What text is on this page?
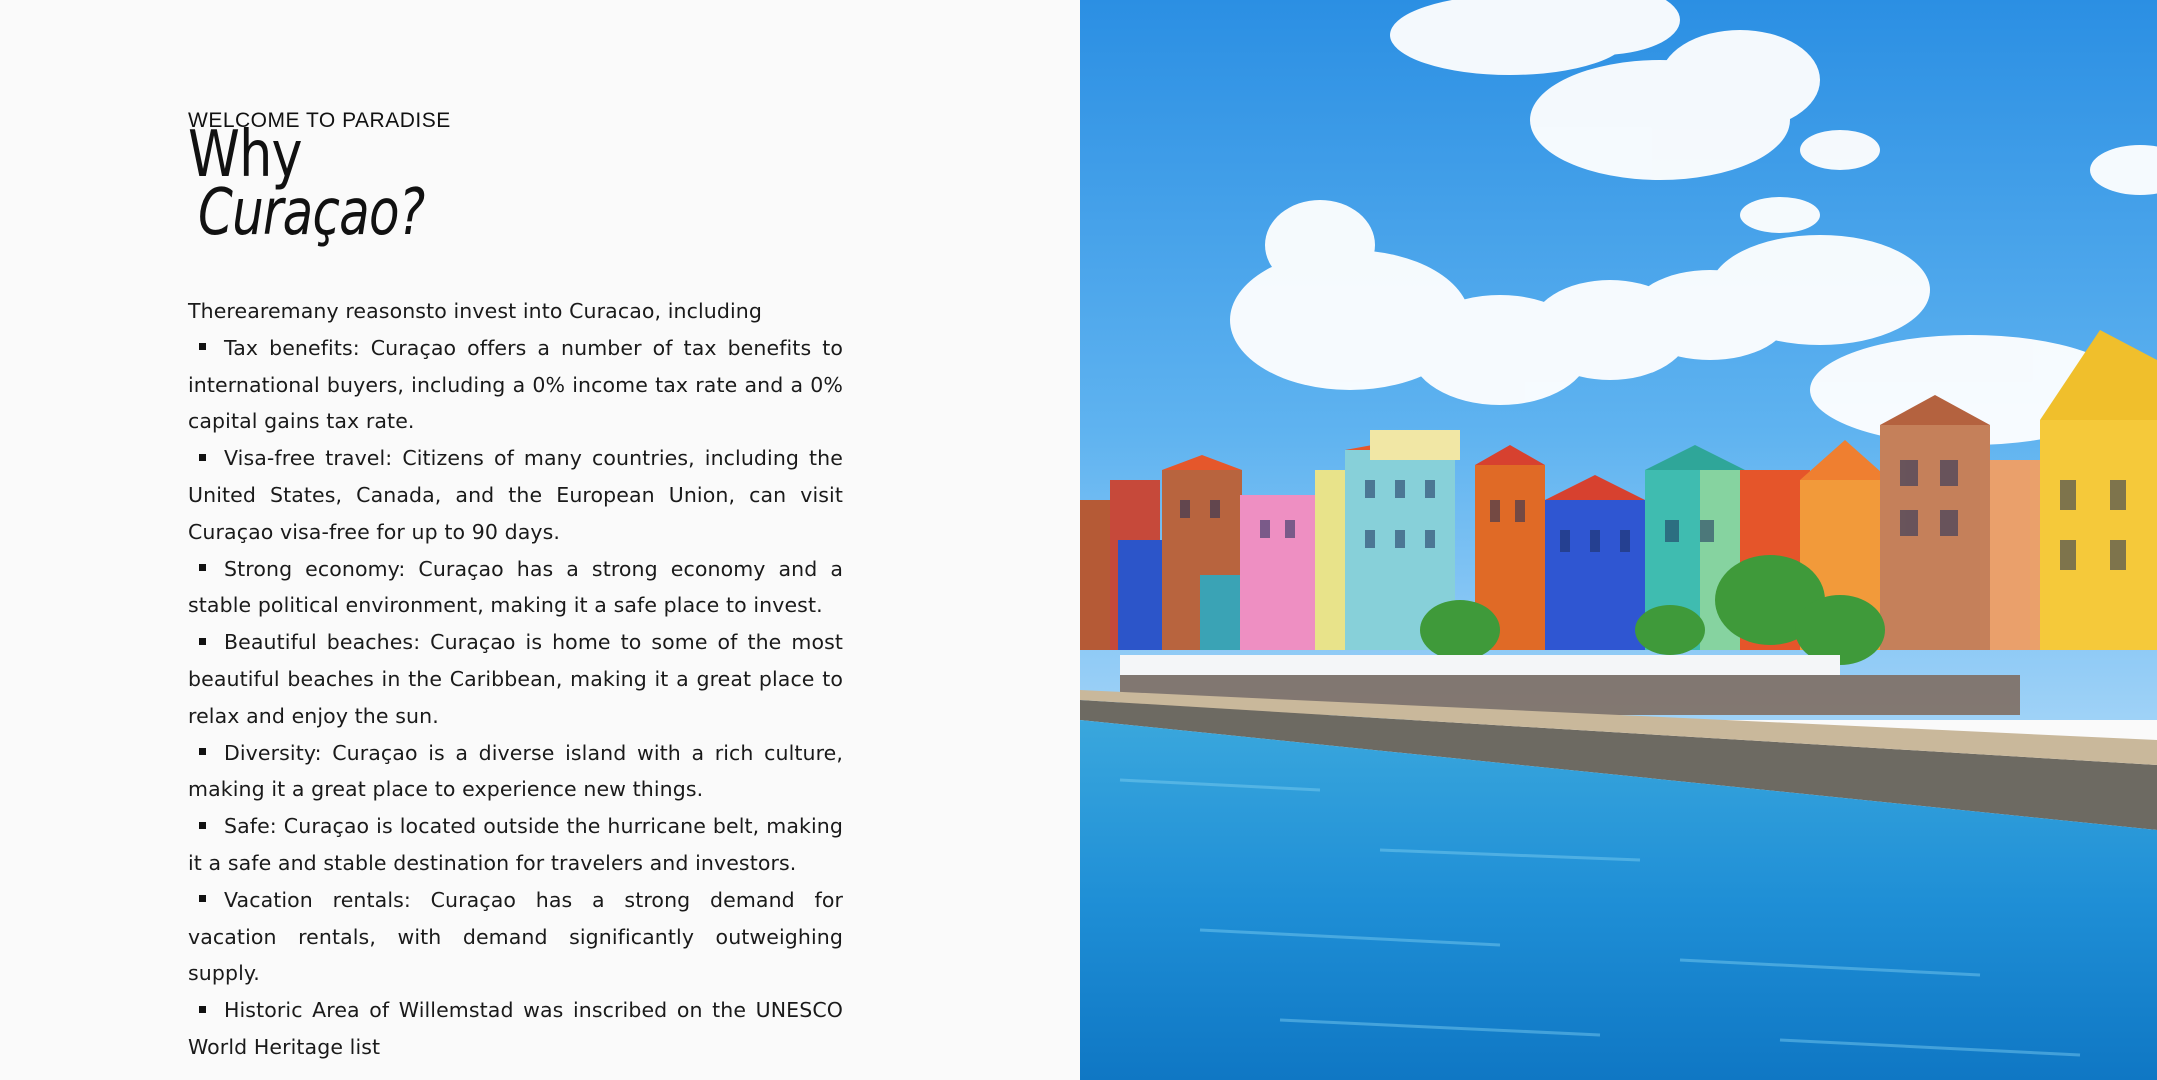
WELCOME TO PARADISE
Why
Curaçao?

Therearemany reasonsto invest into Curacao, including

Tax benefits: Curaçao offers a number of tax benefits to international buyers, including a 0% income tax rate and a 0% capital gains tax rate.
Visa-free travel: Citizens of many countries, including the United States, Canada, and the European Union, can visit Curaçao visa-free for up to 90 days.
Strong economy: Curaçao has a strong economy and a stable political environment, making it a safe place to invest.
Beautiful beaches: Curaçao is home to some of the most beautiful beaches in the Caribbean, making it a great place to relax and enjoy the sun.
Diversity: Curaçao is a diverse island with a rich culture, making it a great place to experience new things.
Safe: Curaçao is located outside the hurricane belt, making it a safe and stable destination for travelers and investors.
Vacation rentals: Curaçao has a strong demand for vacation rentals, with demand significantly outweighing supply.
Historic Area of Willemstad was inscribed on the UNESCO World Heritage list
